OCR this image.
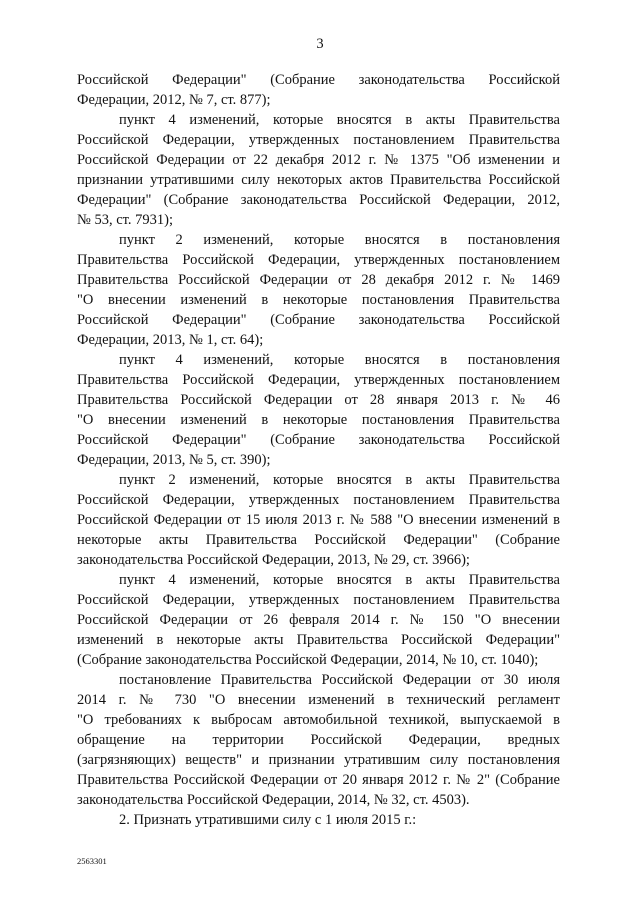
3
Российской Федерации" (Собрание законодательства Российской
Федерации, 2012, № 7, ст. 877);
пункт 4 изменений, которые вносятся в акты Правительства
Российской Федерации, утвержденных постановлением Правительства
Российской Федерации от 22 декабря 2012 г. № 1375 "Об изменении и
признании утратившими силу некоторых актов Правительства Российской
Федерации" (Собрание законодательства Российской Федерации, 2012,
№ 53, ст. 7931);
пункт 2 изменений, которые вносятся в постановления
Правительства Российской Федерации, утвержденных постановлением
Правительства Российской Федерации от 28 декабря 2012 г. № 1469
"О внесении изменений в некоторые постановления Правительства
Российской Федерации" (Собрание законодательства Российской
Федерации, 2013, № 1, ст. 64);
пункт 4 изменений, которые вносятся в постановления
Правительства Российской Федерации, утвержденных постановлением
Правительства Российской Федерации от 28 января 2013 г. № 46
"О внесении изменений в некоторые постановления Правительства
Российской Федерации" (Собрание законодательства Российской
Федерации, 2013, № 5, ст. 390);
пункт 2 изменений, которые вносятся в акты Правительства
Российской Федерации, утвержденных постановлением Правительства
Российской Федерации от 15 июля 2013 г. № 588 "О внесении изменений в
некоторые акты Правительства Российской Федерации" (Собрание
законодательства Российской Федерации, 2013, № 29, ст. 3966);
пункт 4 изменений, которые вносятся в акты Правительства
Российской Федерации, утвержденных постановлением Правительства
Российской Федерации от 26 февраля 2014 г. № 150 "О внесении
изменений в некоторые акты Правительства Российской Федерации"
(Собрание законодательства Российской Федерации, 2014, № 10, ст. 1040);
постановление Правительства Российской Федерации от 30 июля
2014 г. № 730 "О внесении изменений в технический регламент
"О требованиях к выбросам автомобильной техникой, выпускаемой в
обращение на территории Российской Федерации, вредных
(загрязняющих) веществ" и признании утратившим силу постановления
Правительства Российской Федерации от 20 января 2012 г. № 2" (Собрание
законодательства Российской Федерации, 2014, № 32, ст. 4503).
2. Признать утратившими силу с 1 июля 2015 г.:
2563301
